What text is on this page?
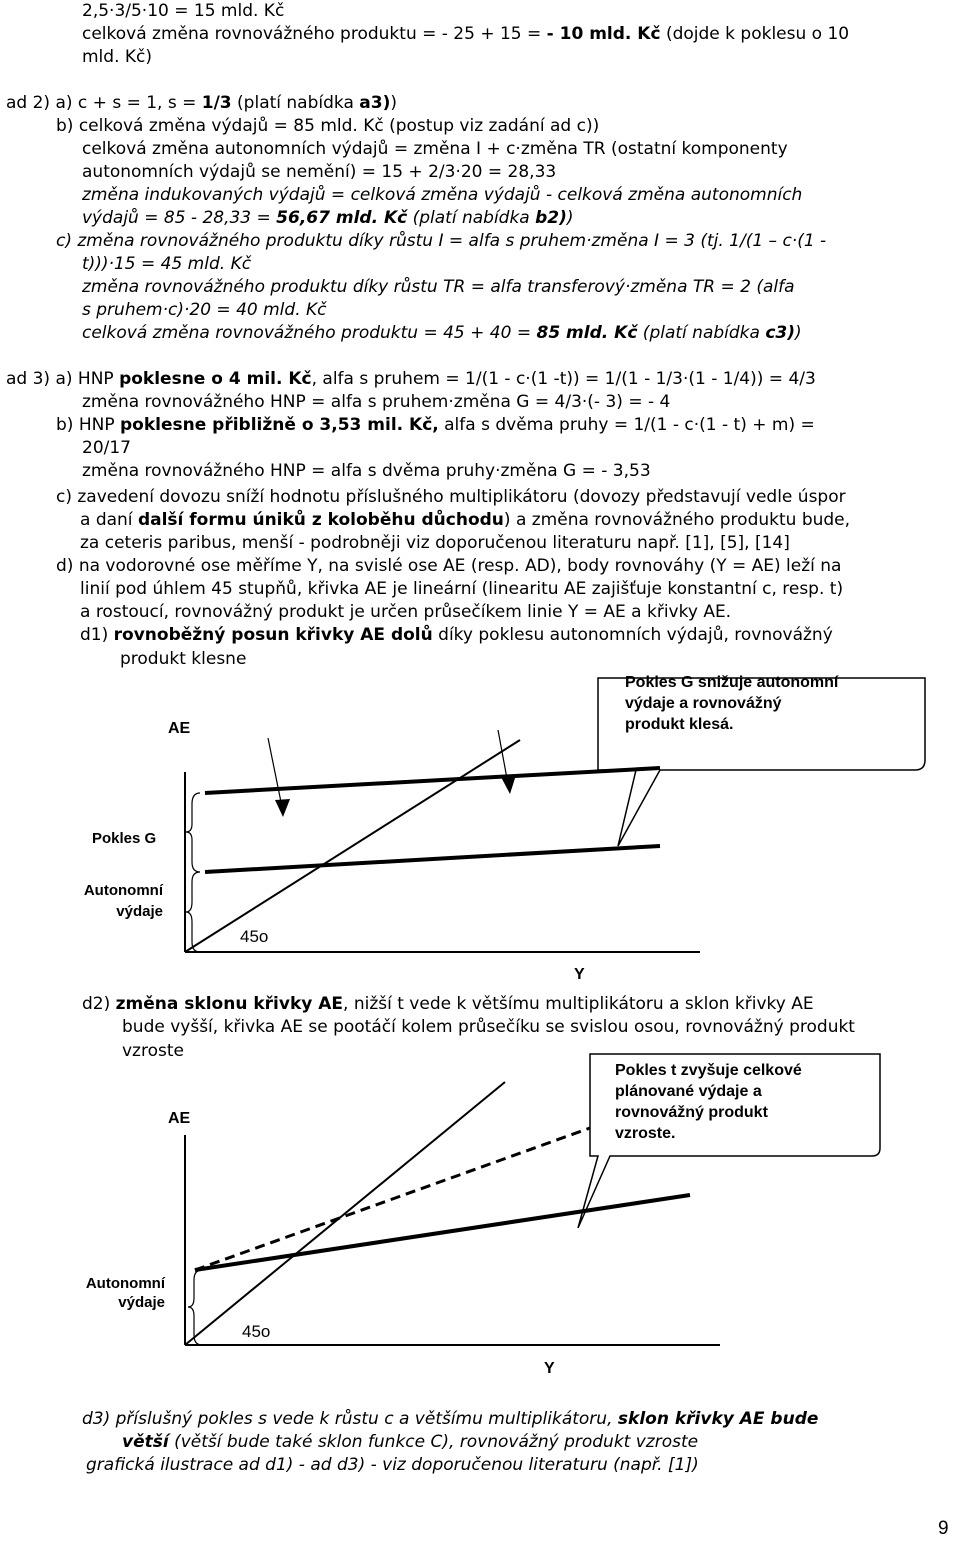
2,5·3/5·10 = 15 mld. Kč
celková změna rovnovážného produktu = - 25 + 15 = - 10 mld. Kč (dojde k poklesu o 10
mld. Kč)
ad 2) a) c + s = 1, s = 1/3 (platí nabídka a3))
b) celková změna výdajů = 85 mld. Kč (postup viz zadání ad c))
celková změna autonomních výdajů = změna I + c·změna TR (ostatní komponenty
autonomních výdajů se nemění) = 15 + 2/3·20 = 28,33
změna indukovaných výdajů = celková změna výdajů - celková změna autonomních
výdajů = 85 - 28,33 = 56,67 mld. Kč (platí nabídka b2))
c) změna rovnovážného produktu díky růstu I = alfa s pruhem·změna I = 3 (tj. 1/(1 – c·(1 -
t)))·15 = 45 mld. Kč
změna rovnovážného produktu díky růstu TR = alfa transferový·změna TR = 2 (alfa
s pruhem·c)·20 = 40 mld. Kč
celková změna rovnovážného produktu = 45 + 40 = 85 mld. Kč (platí nabídka c3))
ad 3) a) HNP poklesne o 4 mil. Kč, alfa s pruhem = 1/(1 - c·(1 -t)) = 1/(1 - 1/3·(1 - 1/4)) = 4/3
změna rovnovážného HNP = alfa s pruhem·změna G = 4/3·(- 3) = - 4
b) HNP poklesne přibližně o 3,53 mil. Kč, alfa s dvěma pruhy = 1/(1 - c·(1 - t) + m) =
20/17
změna rovnovážného HNP = alfa s dvěma pruhy·změna G = - 3,53
c) zavedení dovozu sníží hodnotu příslušného multiplikátoru (dovozy představují vedle úspor
a daní další formu úniků z koloběhu důchodu) a změna rovnovážného produktu bude,
za ceteris paribus, menší - podrobněji viz doporučenou literaturu např. [1], [5], [14]
d) na vodorovné ose měříme Y, na svislé ose AE (resp. AD), body rovnováhy (Y = AE) leží na
linií pod úhlem 45 stupňů, křivka AE je lineární (linearitu AE zajišťuje konstantní c, resp. t)
a rostoucí, rovnovážný produkt je určen průsečíkem linie Y = AE a křivky AE.
d1) rovnoběžný posun křivky AE dolů díky poklesu autonomních výdajů, rovnovážný
produkt klesne
Pokles G snižuje autonomní
výdaje a rovnovážný
produkt klesá.
AE
Pokles G
Autonomní
výdaje
45o
Y
d2) změna sklonu křivky AE, nižší t vede k většímu multiplikátoru a sklon křivky AE
bude vyšší, křivka AE se pootáčí kolem průsečíku se svislou osou, rovnovážný produkt
vzroste
Pokles t zvyšuje celkové
plánované výdaje a
rovnovážný produkt
vzroste.
AE
Autonomní
výdaje
45o
Y
d3) příslušný pokles s vede k růstu c a většímu multiplikátoru, sklon křivky AE bude
větší (větší bude také sklon funkce C), rovnovážný produkt vzroste
grafická ilustrace ad d1) - ad d3) - viz doporučenou literaturu (např. [1])
9
